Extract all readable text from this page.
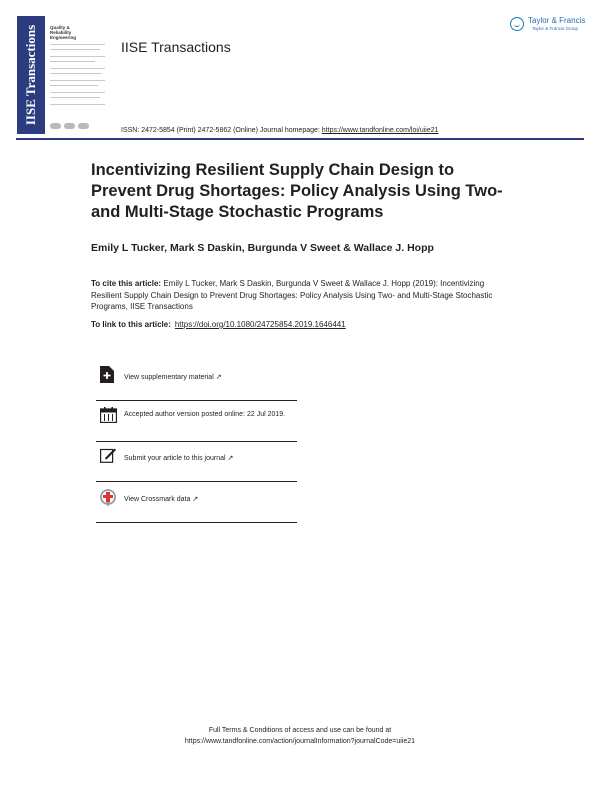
IISE Transactions	Quality & Reliability Engineering
IISE Transactions
Taylor & Francis
Taylor & Francis Group
ISSN: 2472-5854 (Print) 2472-5862 (Online) Journal homepage: https://www.tandfonline.com/loi/uiie21
Incentivizing Resilient Supply Chain Design to Prevent Drug Shortages: Policy Analysis Using Two- and Multi-Stage Stochastic Programs
Emily L Tucker, Mark S Daskin, Burgunda V Sweet & Wallace J. Hopp
To cite this article: Emily L Tucker, Mark S Daskin, Burgunda V Sweet & Wallace J. Hopp (2019): Incentivizing Resilient Supply Chain Design to Prevent Drug Shortages: Policy Analysis Using Two- and Multi-Stage Stochastic Programs, IISE Transactions
To link to this article: https://doi.org/10.1080/24725854.2019.1646441
View supplementary material ↗
Accepted author version posted online: 22 Jul 2019.
Submit your article to this journal ↗
View Crossmark data ↗
Full Terms & Conditions of access and use can be found at
https://www.tandfonline.com/action/journalInformation?journalCode=uiie21
